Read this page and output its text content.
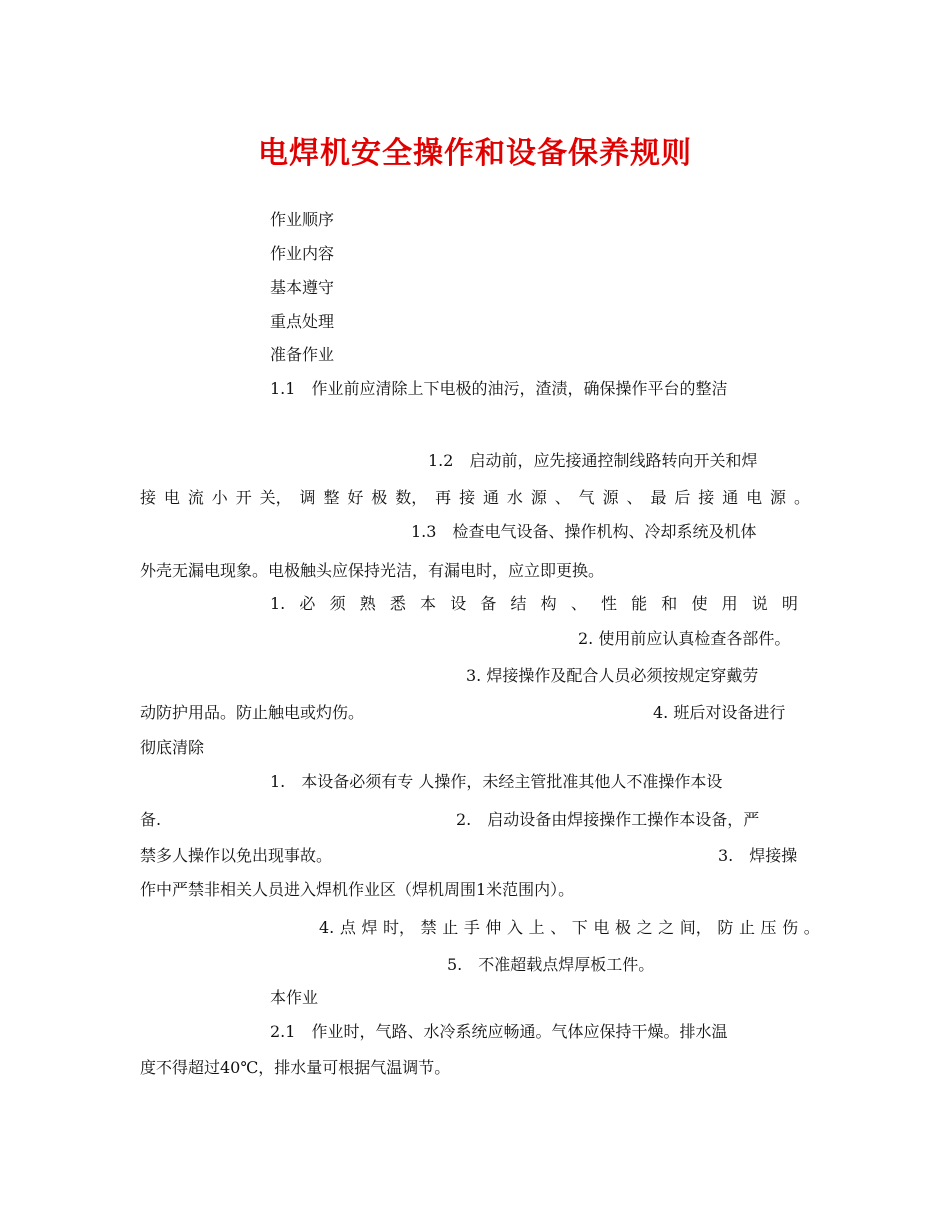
电焊机安全操作和设备保养规则
作业顺序
作业内容
基本遵守
重点处理
准备作业
1.1　作业前应清除上下电极的油污，渣渍，确保操作平台的整洁
1.2　启动前，应先接通控制线路转向开关和焊
接 电 流 小 开 关， 调 整 好 极 数， 再 接 通 水 源 、 气 源 、 最 后 接 通 电 源 。
1.3　检查电气设备、操作机构、冷却系统及机体
外壳无漏电现象。电极触头应保持光洁，有漏电时，应立即更换。
1. 必 须 熟 悉 本 设 备 结 构 、 性 能 和 使 用 说 明
2. 使用前应认真检查各部件。
3. 焊接操作及配合人员必须按规定穿戴劳
动防护用品。防止触电或灼伤。	4. 班后对设备进行
彻底清除
1.　本设备必须有专 人操作，未经主管批准其他人不准操作本设
备.	2.　启动设备由焊接操作工操作本设备，严
禁多人操作以免出现事故。	3.　焊接操
作中严禁非相关人员进入焊机作业区（焊机周围1米范围内）。
4. 点 焊 时， 禁 止 手 伸 入 上 、 下 电 极 之 之 间， 防 止 压 伤 。
5.　不准超载点焊厚板工件。
本作业
2.1　作业时，气路、水冷系统应畅通。气体应保持干燥。排水温
度不得超过40℃，排水量可根据气温调节。
